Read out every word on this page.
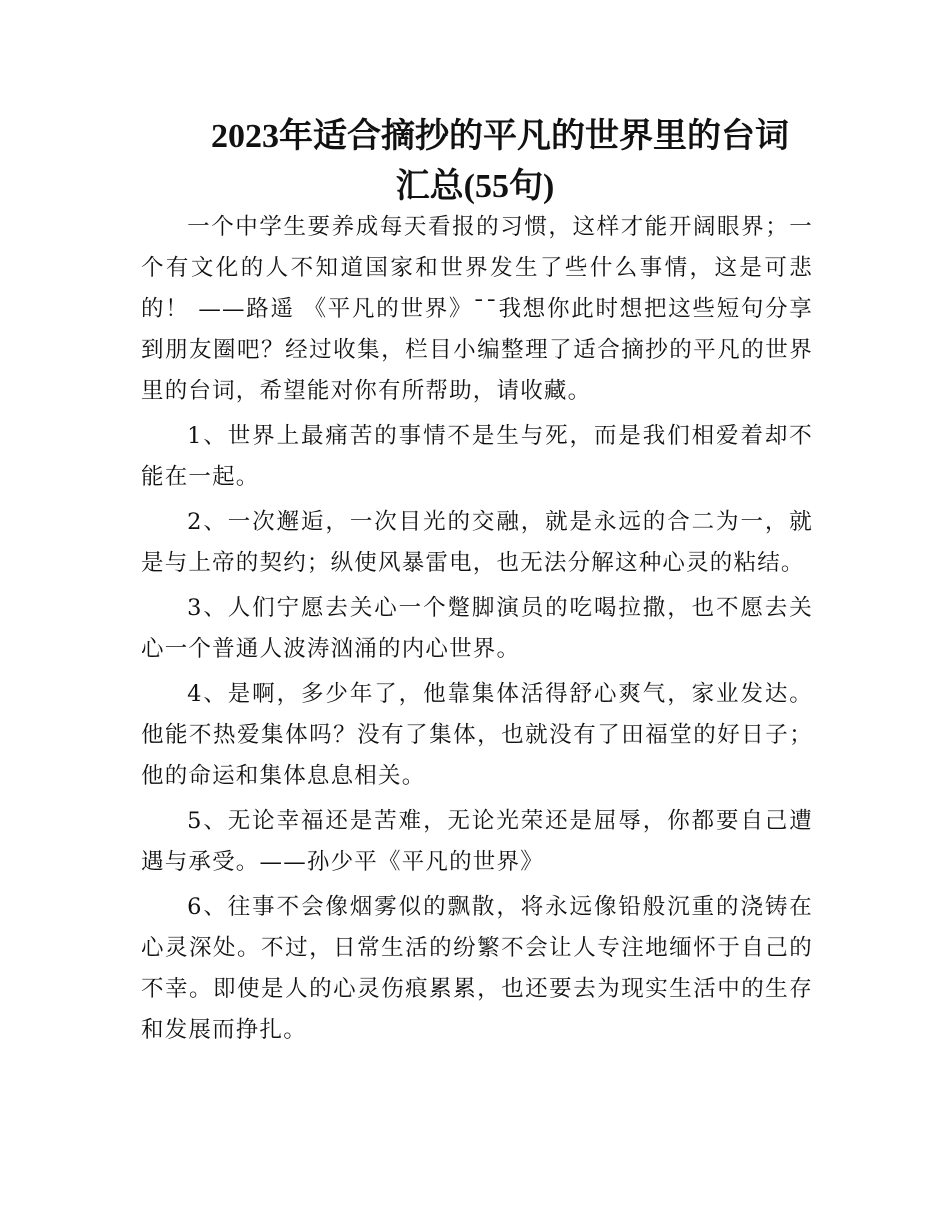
2023年适合摘抄的平凡的世界里的台词
汇总(55句)

一个中学生要养成每天看报的习惯，这样才能开阔眼界；一个有文化的人不知道国家和世界发生了些什么事情，这是可悲的！ ——路遥 《平凡的世界》¯¯我想你此时想把这些短句分享到朋友圈吧？经过收集，栏目小编整理了适合摘抄的平凡的世界里的台词，希望能对你有所帮助，请收藏。

1、世界上最痛苦的事情不是生与死，而是我们相爱着却不能在一起。

2、一次邂逅，一次目光的交融，就是永远的合二为一，就是与上帝的契约；纵使风暴雷电，也无法分解这种心灵的粘结。

3、人们宁愿去关心一个蹩脚演员的吃喝拉撒，也不愿去关心一个普通人波涛汹涌的内心世界。

4、是啊，多少年了，他靠集体活得舒心爽气，家业发达。他能不热爱集体吗？没有了集体，也就没有了田福堂的好日子；他的命运和集体息息相关。

5、无论幸福还是苦难，无论光荣还是屈辱，你都要自己遭遇与承受。——孙少平《平凡的世界》

6、往事不会像烟雾似的飘散，将永远像铅般沉重的浇铸在心灵深处。不过，日常生活的纷繁不会让人专注地缅怀于自己的不幸。即使是人的心灵伤痕累累，也还要去为现实生活中的生存和发展而挣扎。
